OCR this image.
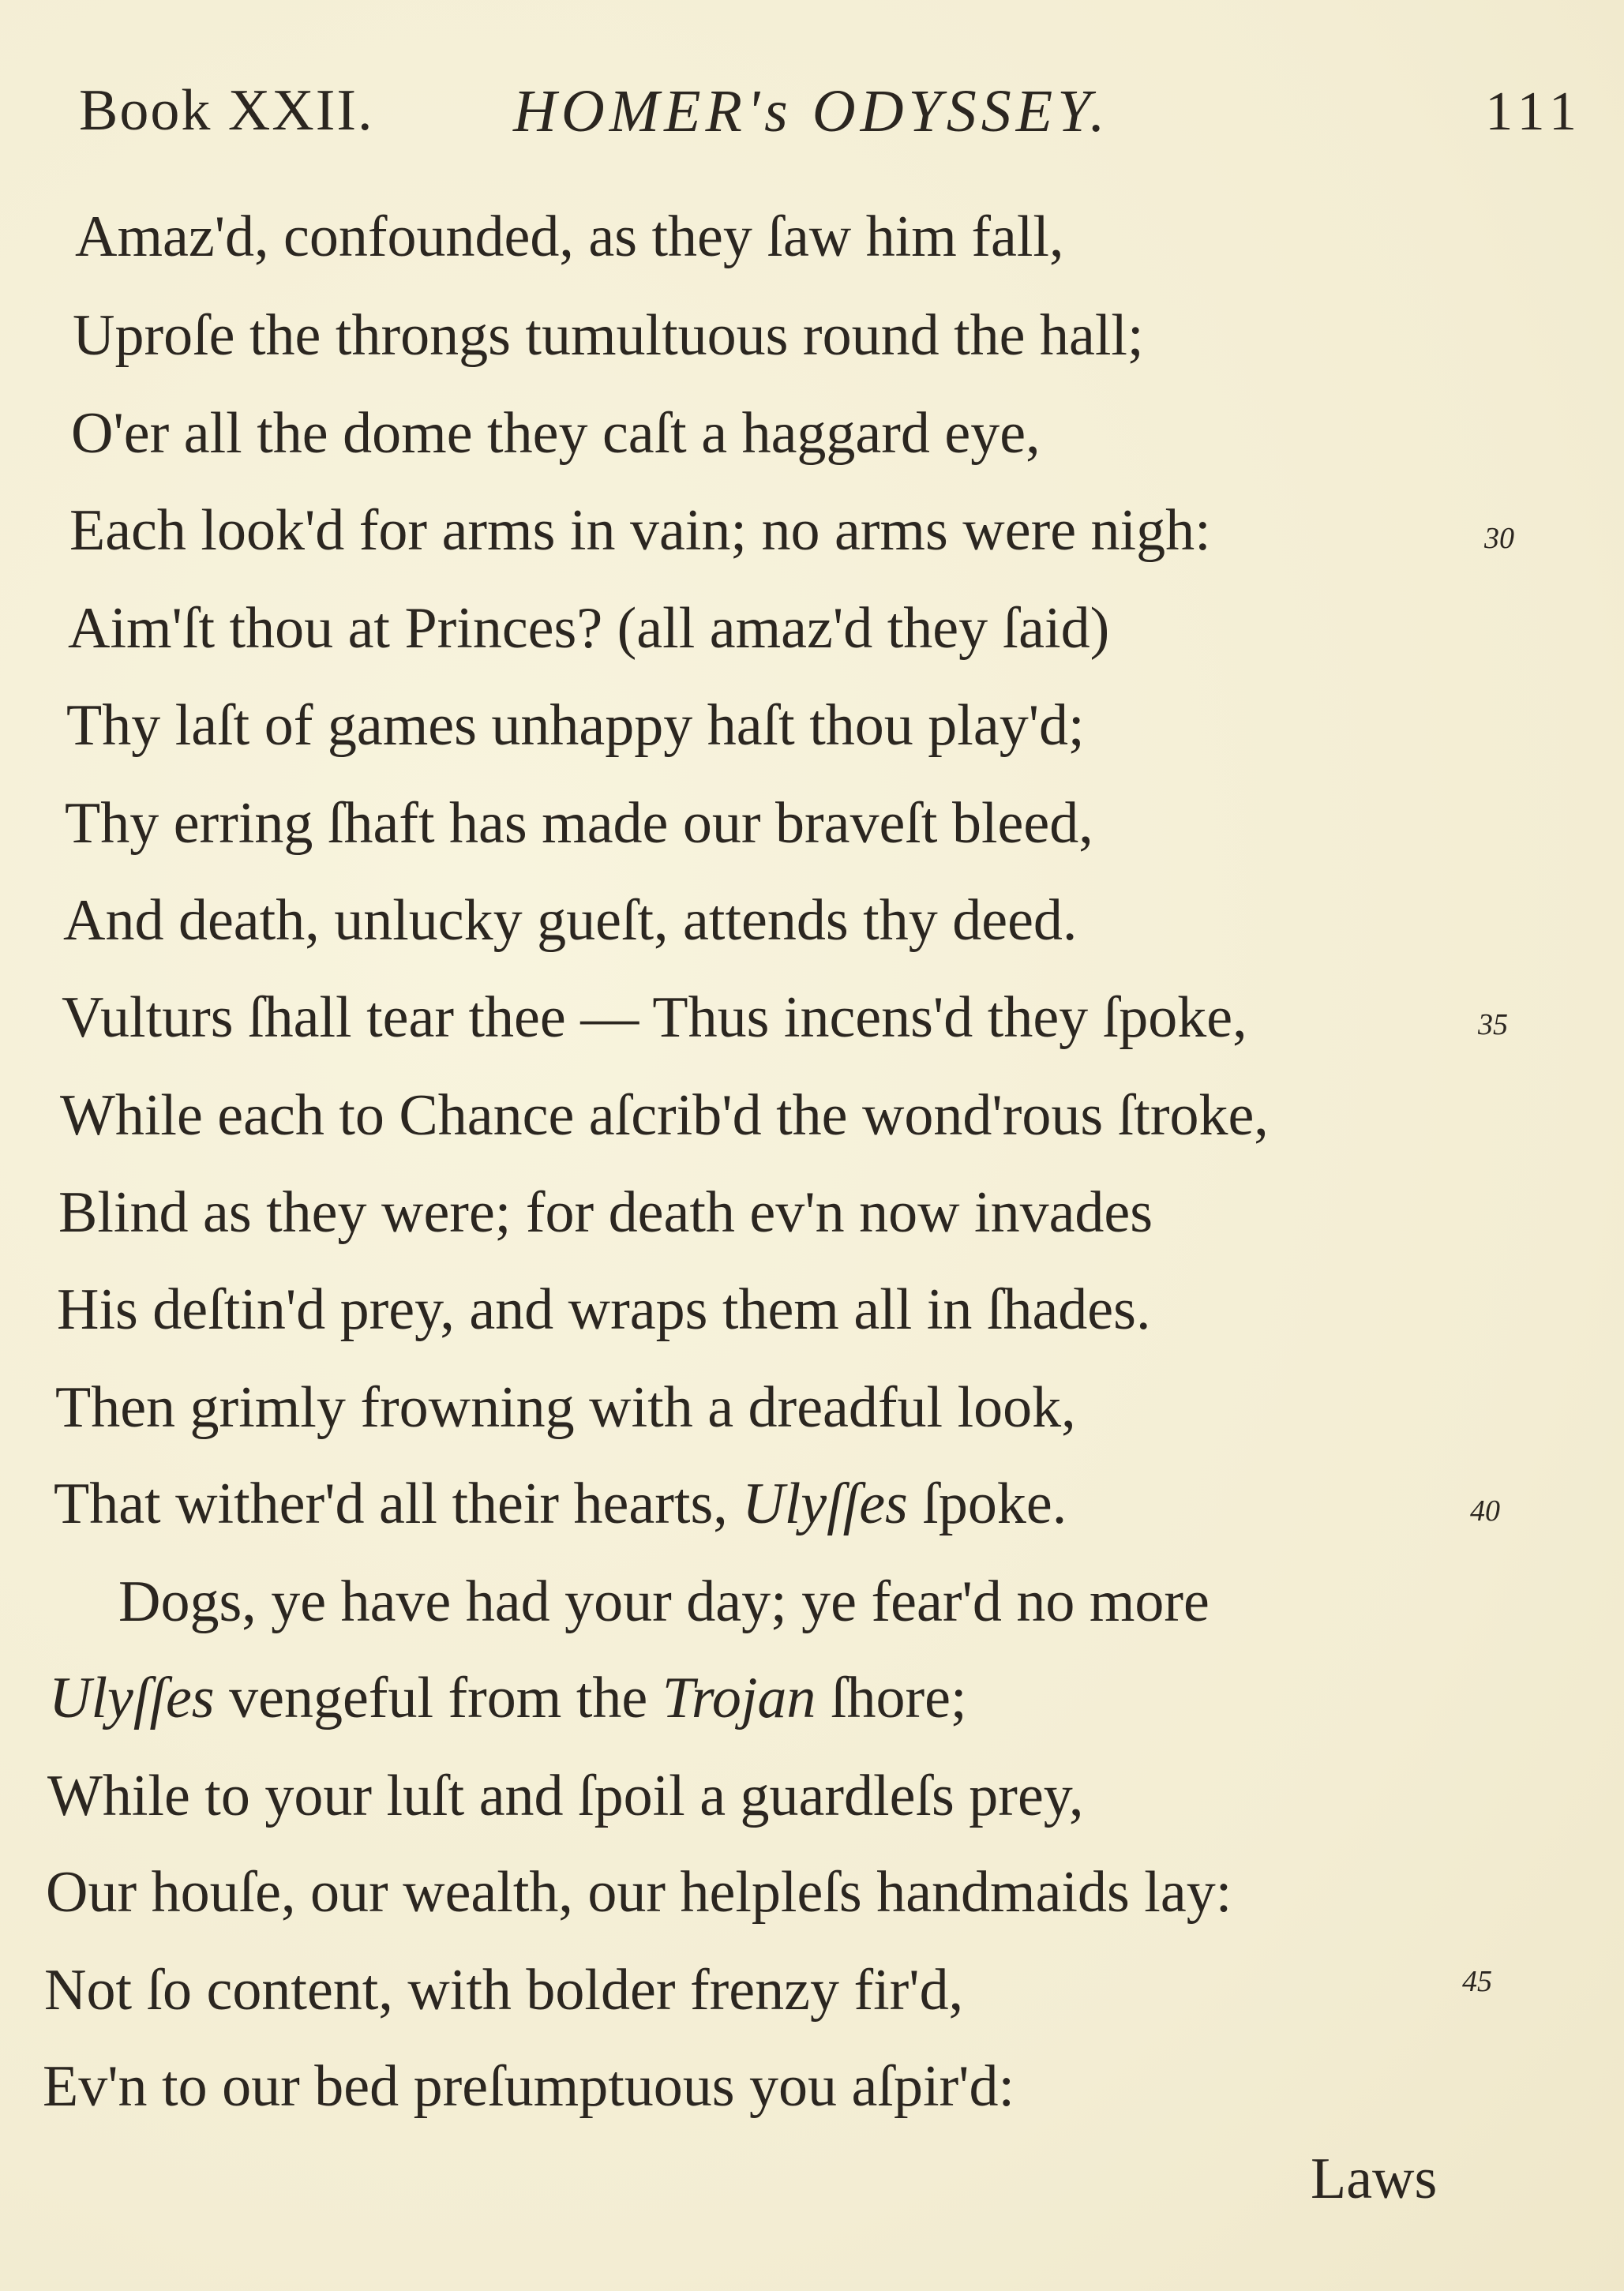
Book XXII. HOMER's ODYSSEY.	111
Amaz'd, confounded, as they ſaw him fall,
Uproſe the throngs tumultuous round the hall;
O'er all the dome they caſt a haggard eye,
Each look'd for arms in vain; no arms were nigh:	30
Aim'ſt thou at Princes? (all amaz'd they ſaid)
Thy laſt of games unhappy haſt thou play'd;
Thy erring ſhaft has made our braveſt bleed,
And death, unlucky gueſt, attends thy deed.
Vulturs ſhall tear thee — Thus incens'd they ſpoke,	35
While each to Chance aſcrib'd the wond'rous ſtroke,
Blind as they were; for death ev'n now invades
His deſtin'd prey, and wraps them all in ſhades.
Then grimly frowning with a dreadful look,
That wither'd all their hearts, Ulyſſes ſpoke.	40
Dogs, ye have had your day; ye fear'd no more
Ulyſſes vengeful from the Trojan ſhore;
While to your luſt and ſpoil a guardleſs prey,
Our houſe, our wealth, our helpleſs handmaids lay:
Not ſo content, with bolder frenzy fir'd,	45
Ev'n to our bed preſumptuous you aſpir'd:
Laws
